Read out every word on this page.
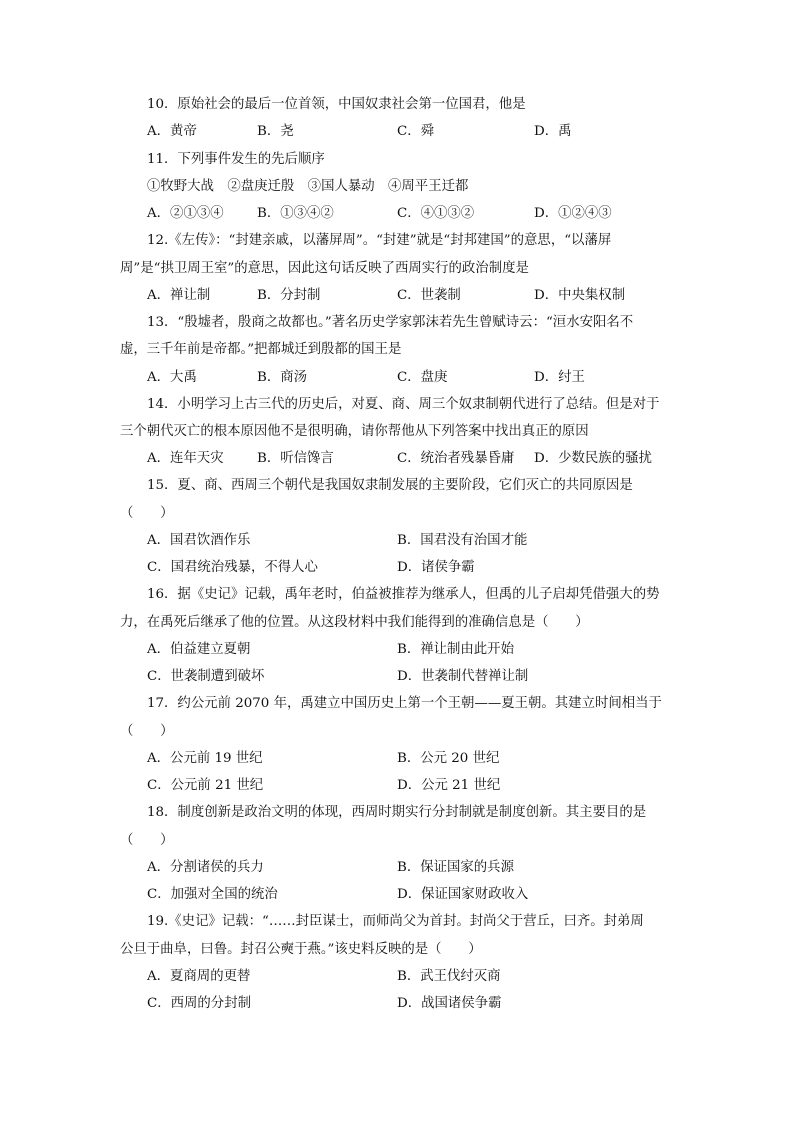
10．原始社会的最后一位首领，中国奴隶社会第一位国君，他是
A．黄帝	B．尧	C．舜	D．禹
11．下列事件发生的先后顺序
①牧野大战　②盘庚迁殷　③国人暴动　④周平王迁都
A．②①③④ B．①③④②	C．④①③②	D．①②④③
12.《左传》：“封建亲戚，以藩屏周”。“封建”就是“封邦建国”的意思，“以藩屏
周”是“拱卫周王室”的意思，因此这句话反映了西周实行的政治制度是
A．禅让制	B．分封制	C．世袭制	D．中央集权制
13．“殷墟者，殷商之故都也。”著名历史学家郭沫若先生曾赋诗云：“洹水安阳名不
虚，三千年前是帝都。”把都城迁到殷都的国王是
A．大禹	B．商汤	C．盘庚	D．纣王
14．小明学习上古三代的历史后，对夏、商、周三个奴隶制朝代进行了总结。但是对于
三个朝代灭亡的根本原因他不是很明确，请你帮他从下列答案中找出真正的原因
A．连年天灾 B．听信馋言	C．统治者残暴昏庸 D．少数民族的骚扰
15．夏、商、西周三个朝代是我国奴隶制发展的主要阶段，它们灭亡的共同原因是
（　　）
A．国君饮酒作乐	B．国君没有治国才能
C．国君统治残暴，不得人心	D．诸侯争霸
16．据《史记》记载，禹年老时，伯益被推荐为继承人，但禹的儿子启却凭借强大的势
力，在禹死后继承了他的位置。从这段材料中我们能得到的准确信息是（　　）
A．伯益建立夏朝	B．禅让制由此开始
C．世袭制遭到破坏	D．世袭制代替禅让制
17．约公元前 2070 年，禹建立中国历史上第一个王朝——夏王朝。其建立时间相当于
（　　）
A．公元前 19 世纪	B．公元 20 世纪
C．公元前 21 世纪	D．公元 21 世纪
18．制度创新是政治文明的体现，西周时期实行分封制就是制度创新。其主要目的是
（　　）
A．分割诸侯的兵力	B．保证国家的兵源
C．加强对全国的统治	D．保证国家财政收入
19.《史记》记载：“……封臣谋士，而师尚父为首封。封尚父于营丘，曰齐。封弟周
公旦于曲阜，曰鲁。封召公奭于燕。”该史料反映的是（　　）
A．夏商周的更替	B．武王伐纣灭商
C．西周的分封制	D．战国诸侯争霸
